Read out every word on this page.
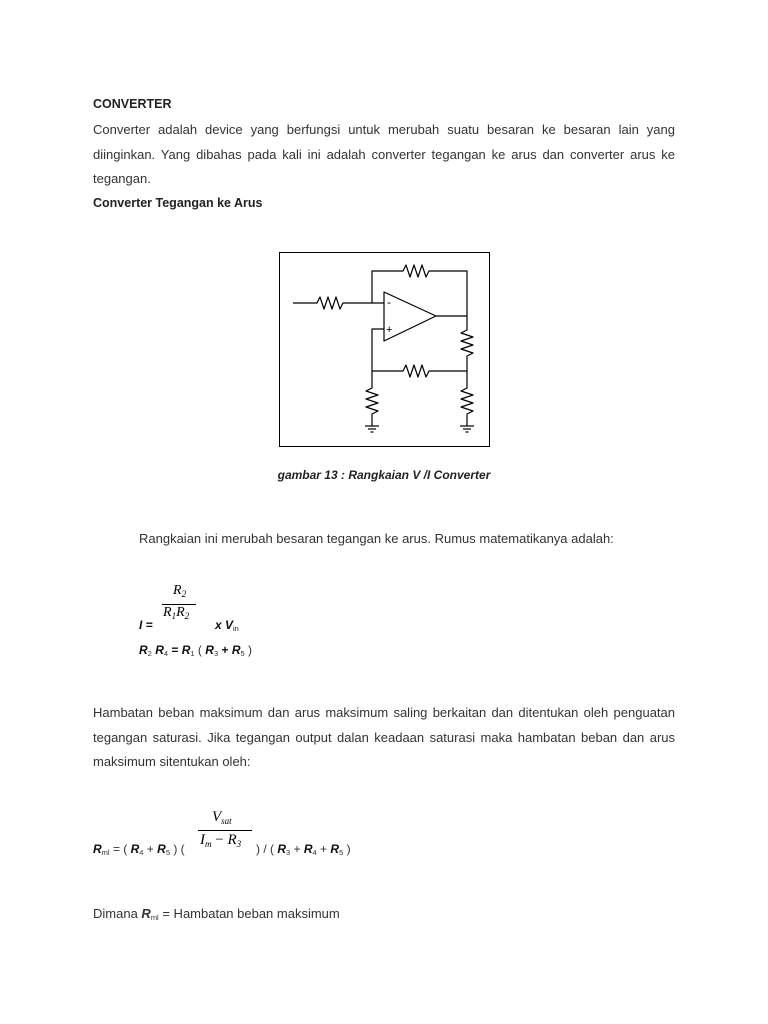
CONVERTER
Converter adalah device yang berfungsi untuk merubah suatu besaran ke besaran lain yang diinginkan. Yang dibahas pada kali ini adalah converter tegangan ke arus dan converter arus ke tegangan.
Converter Tegangan ke Arus
-
+
gambar 13 : Rangkaian V /I Converter
Rangkaian ini merubah besaran tegangan ke arus. Rumus matematikanya adalah:
I =
$R_2$
$R_1R_2$
x Vin
R2 R4 = R1 ( R3 + R5 )
Hambatan beban maksimum dan arus maksimum saling berkaitan dan ditentukan oleh penguatan tegangan saturasi. Jika tegangan output dalan keadaan saturasi maka hambatan beban dan arus maksimum sitentukan oleh:
Rml = ( R4 + R5 ) (
$V_{sat}$
$I_m - R_3$ ) / ( R3 + R4 + R5 )
Dimana Rml = Hambatan beban maksimum
